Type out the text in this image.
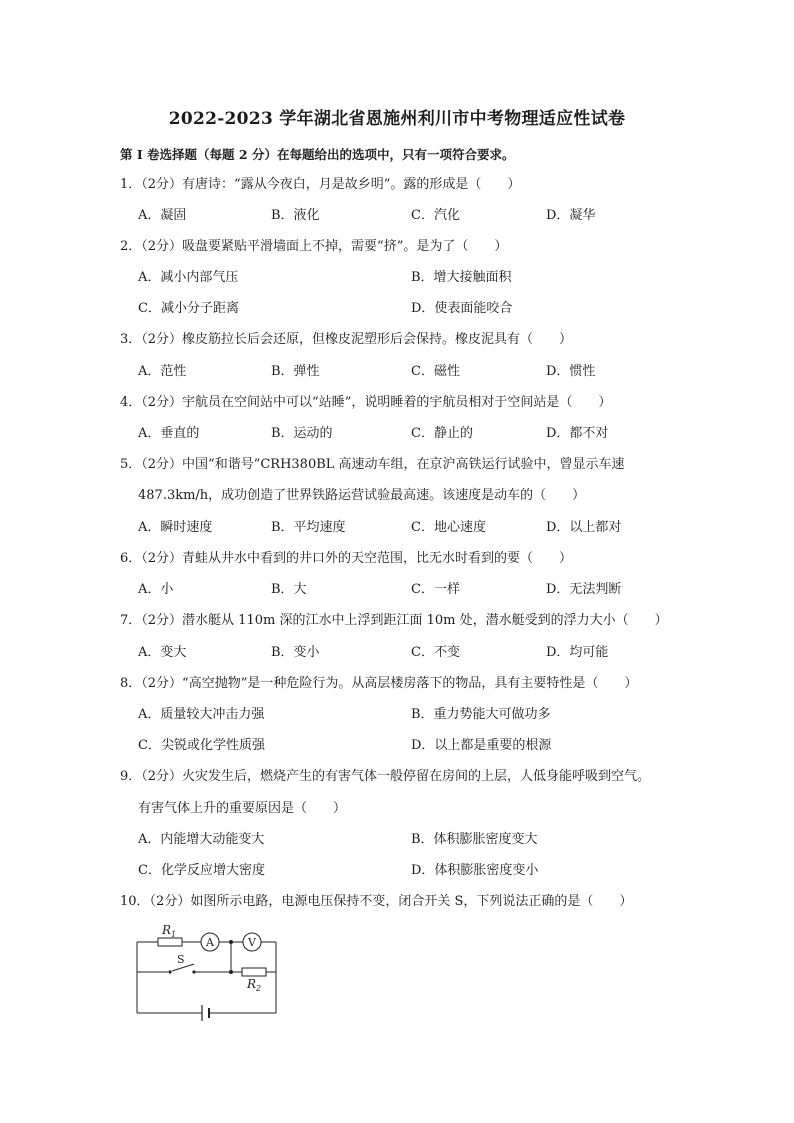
2022-2023 学年湖北省恩施州利川市中考物理适应性试卷
第 I 卷选择题（每题 2 分）在每题给出的选项中，只有一项符合要求。
1．（2分）有唐诗：“露从今夜白，月是故乡明”。露的形成是（　　）
A．凝固	B．液化	C．汽化	D．凝华
2．（2分）吸盘要紧贴平滑墙面上不掉，需要“挤”。是为了（　　）
A．减小内部气压	B．增大接触面积
C．减小分子距离	D．使表面能咬合
3．（2分）橡皮筋拉长后会还原，但橡皮泥塑形后会保持。橡皮泥具有（　　）
A．范性	B．弹性	C．磁性	D．惯性
4．（2分）宇航员在空间站中可以“站睡”，说明睡着的宇航员相对于空间站是（　　）
A．垂直的	B．运动的	C．静止的	D．都不对
5．（2分）中国“和谐号”CRH380BL 高速动车组，在京沪高铁运行试验中，曾显示车速
487.3km/h，成功创造了世界铁路运营试验最高速。该速度是动车的（　　）
A．瞬时速度	B．平均速度	C．地心速度	D．以上都对
6．（2分）青蛙从井水中看到的井口外的天空范围，比无水时看到的要（　　）
A．小	B．大	C．一样	D．无法判断
7．（2分）潜水艇从 110m 深的江水中上浮到距江面 10m 处，潜水艇受到的浮力大小（　　）
A．变大	B．变小	C．不变	D．均可能
8．（2分）“高空抛物”是一种危险行为。从高层楼房落下的物品，具有主要特性是（　　）
A．质量较大冲击力强	B．重力势能大可做功多
C．尖锐或化学性质强	D．以上都是重要的根源
9．（2分）火灾发生后，燃烧产生的有害气体一般停留在房间的上层，人低身能呼吸到空气。
有害气体上升的重要原因是（　　）
A．内能增大动能变大	B．体积膨胀密度变大
C．化学反应增大密度	D．体积膨胀密度变小
10．（2分）如图所示电路，电源电压保持不变，闭合开关 S，下列说法正确的是（　　）
$R_1$
A	V
S
$R_2$
